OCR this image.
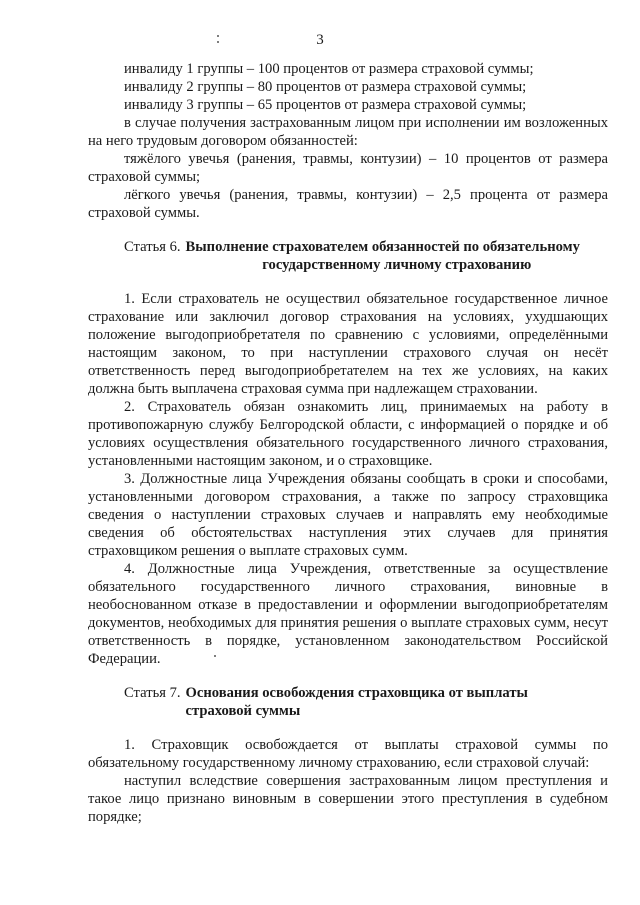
3

инвалиду 1 группы – 100 процентов от размера страховой суммы;

инвалиду 2 группы – 80 процентов от размера страховой суммы;

инвалиду 3 группы – 65 процентов от размера страховой суммы;

в случае получения застрахованным лицом при исполнении им возложенных на него трудовым договором обязанностей:

тяжёлого увечья (ранения, травмы, контузии) – 10 процентов от размера страховой суммы;

лёгкого увечья (ранения, травмы, контузии) – 2,5 процента от размера страховой суммы.

Статья 6. Выполнение страхователем обязанностей по обязательному
государственному личному страхованию

1. Если страхователь не осуществил обязательное государственное личное страхование или заключил договор страхования на условиях, ухудшающих положение выгодоприобретателя по сравнению с условиями, определёнными настоящим законом, то при наступлении страхового случая он несёт ответственность перед выгодоприобретателем на тех же условиях, на каких должна быть выплачена страховая сумма при надлежащем страховании.

2. Страхователь обязан ознакомить лиц, принимаемых на работу в противопожарную службу Белгородской области, с информацией о порядке и об условиях осуществления обязательного государственного личного страхования, установленными настоящим законом, и о страховщике.

3. Должностные лица Учреждения обязаны сообщать в сроки и способами, установленными договором страхования, а также по запросу страховщика сведения о наступлении страховых случаев и направлять ему необходимые сведения об обстоятельствах наступления этих случаев для принятия страховщиком решения о выплате страховых сумм.

4. Должностные лица Учреждения, ответственные за осуществление обязательного государственного личного страхования, виновные в необоснованном отказе в предоставлении и оформлении выгодоприобретателям документов, необходимых для принятия решения о выплате страховых сумм, несут ответственность в порядке, установленном законодательством Российской Федерации.

Статья 7. Основания освобождения страховщика от выплаты
страховой суммы

1. Страховщик освобождается от выплаты страховой суммы по обязательному государственному личному страхованию, если страховой случай:

наступил вследствие совершения застрахованным лицом преступления и такое лицо признано виновным в совершении этого преступления в судебном порядке;
